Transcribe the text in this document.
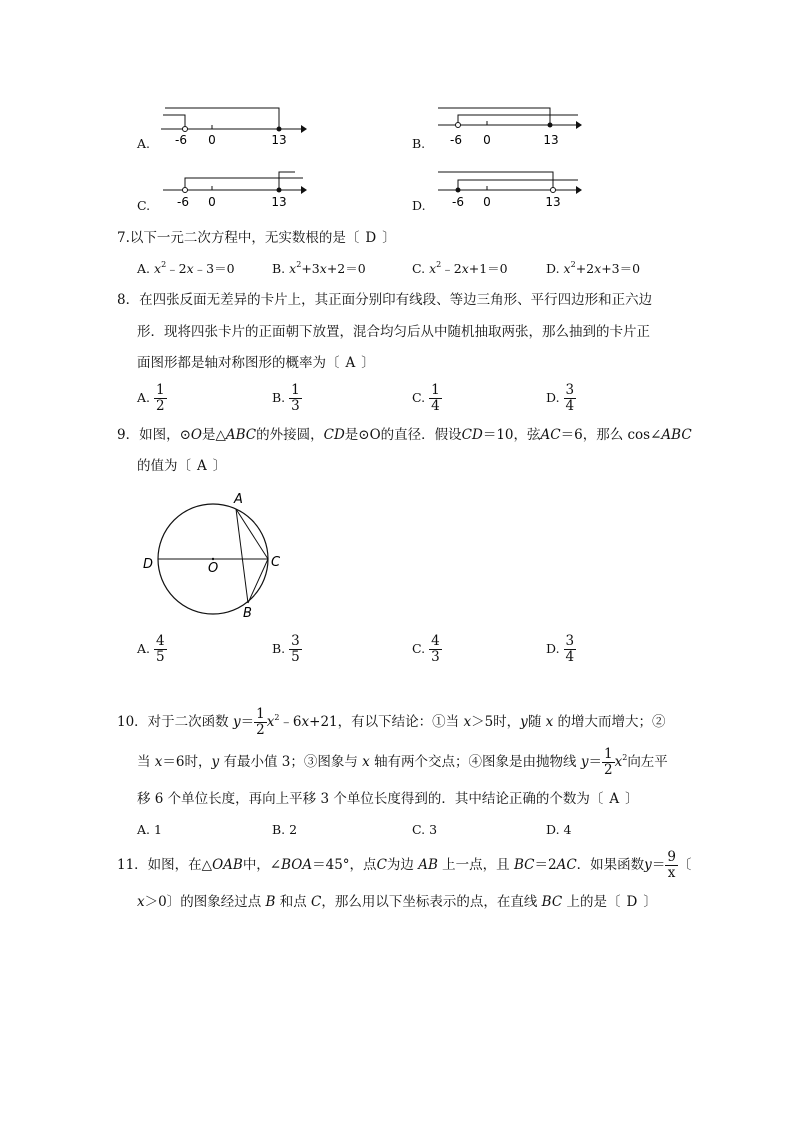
A. -6 0	13	B. -6 0	13
C. -6 0	13	D. -6 0	13
7.以下一元二次方程中，无实数根的是〔 D 〕
A. $x^2﹣2x﹣3=0$	B. $x^2+3x+2=0$	C. $x^2﹣2x+1=0$	D. $x^2+2x+3=0$
8．在四张反面无差异的卡片上，其正面分别印有线段、等边三角形、平行四边形和正六边
形．现将四张卡片的正面朝下放置，混合均匀后从中随机抽取两张，那么抽到的卡片正
面图形都是轴对称图形的概率为〔 A 〕
A. $\frac{1}{2}$	B. $\frac{1}{3}$	C. $\frac{1}{4}$	D. $\frac{3}{4}$
9．如图，⊙O是△ABC的外接圆，CD是⊙O的直径．假设CD＝10，弦AC＝6，那么 cos∠ABC
的值为〔 A 〕
A
B
C
D	O
A. $\frac{4}{5}$	B. $\frac{3}{5}$	C. $\frac{4}{3}$	D. $\frac{3}{4}$
10．对于二次函数 $y= \frac{1}{2}$ $x^2﹣6x+21$，有以下结论：①当 x＞5时，y随 x 的增大而增大；②
当 x＝6时，y 有最小值 3；③图象与 x 轴有两个交点；④图象是由抛物线 $y= \frac{1}{2} x^2$向左平
移 6 个单位长度，再向上平移 3 个单位长度得到的．其中结论正确的个数为〔 A 〕
A. 1	B. 2	C. 3	D. 4
11．如图，在△OAB中，∠BOA＝45°，点C为边 AB 上一点，且 BC＝2AC．如果函数$y= \frac{9}{x}$ 〔
x＞0〕的图象经过点 B 和点 C，那么用以下坐标表示的点，在直线 BC 上的是〔 D 〕
